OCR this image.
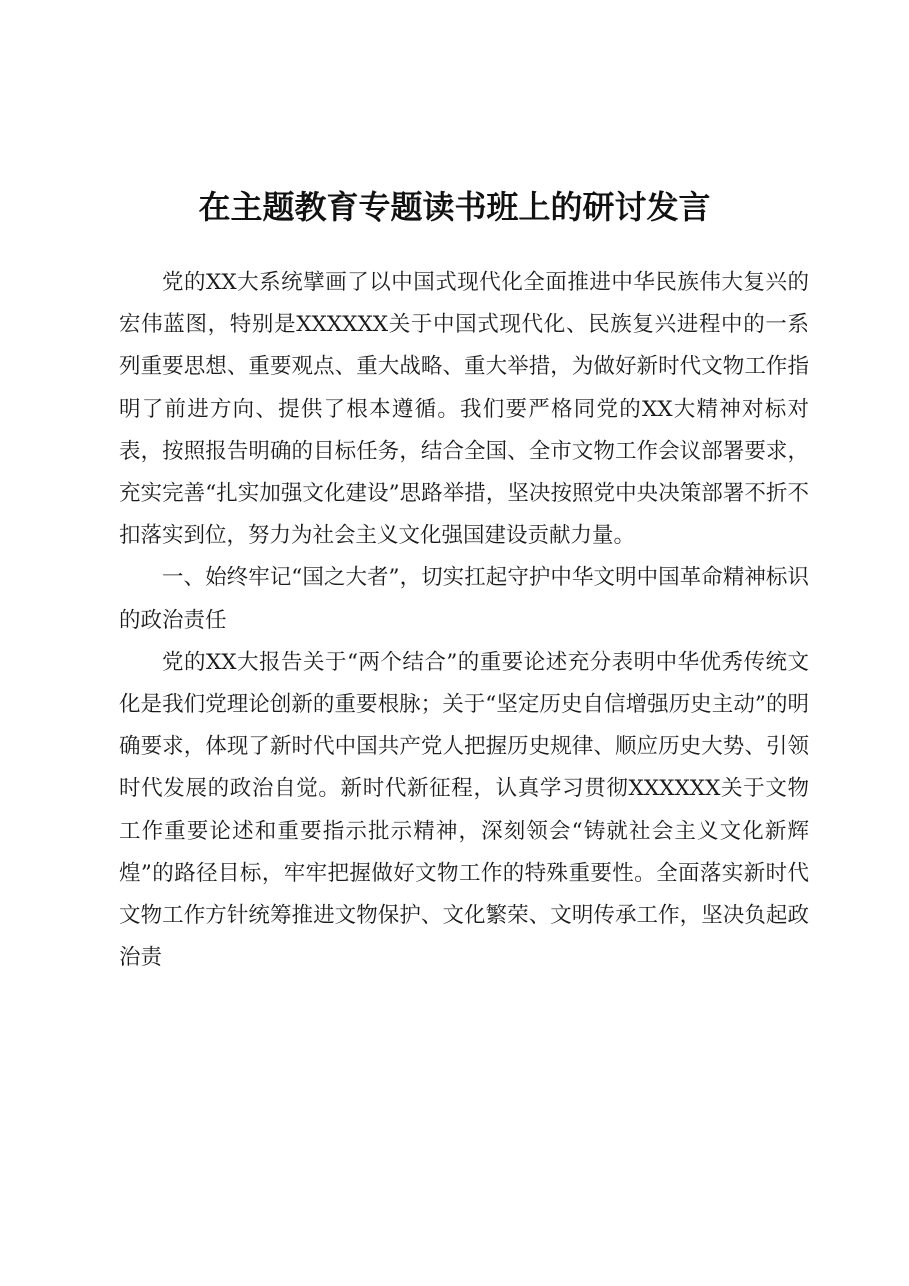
在主题教育专题读书班上的研讨发言

党的XX大系统擘画了以中国式现代化全面推进中华民族伟大复兴的宏伟蓝图，特别是XXXXXX关于中国式现代化、民族复兴进程中的一系列重要思想、重要观点、重大战略、重大举措，为做好新时代文物工作指明了前进方向、提供了根本遵循。我们要严格同党的XX大精神对标对表，按照报告明确的目标任务，结合全国、全市文物工作会议部署要求，充实完善“扎实加强文化建设”思路举措，坚决按照党中央决策部署不折不扣落实到位，努力为社会主义文化强国建设贡献力量。

一、始终牢记“国之大者”，切实扛起守护中华文明中国革命精神标识的政治责任

党的XX大报告关于“两个结合”的重要论述充分表明中华优秀传统文化是我们党理论创新的重要根脉；关于“坚定历史自信增强历史主动”的明确要求，体现了新时代中国共产党人把握历史规律、顺应历史大势、引领时代发展的政治自觉。新时代新征程，认真学习贯彻XXXXXX关于文物工作重要论述和重要指示批示精神，深刻领会“铸就社会主义文化新辉煌”的路径目标，牢牢把握做好文物工作的特殊重要性。全面落实新时代文物工作方针统筹推进文物保护、文化繁荣、文明传承工作，坚决负起政治责
